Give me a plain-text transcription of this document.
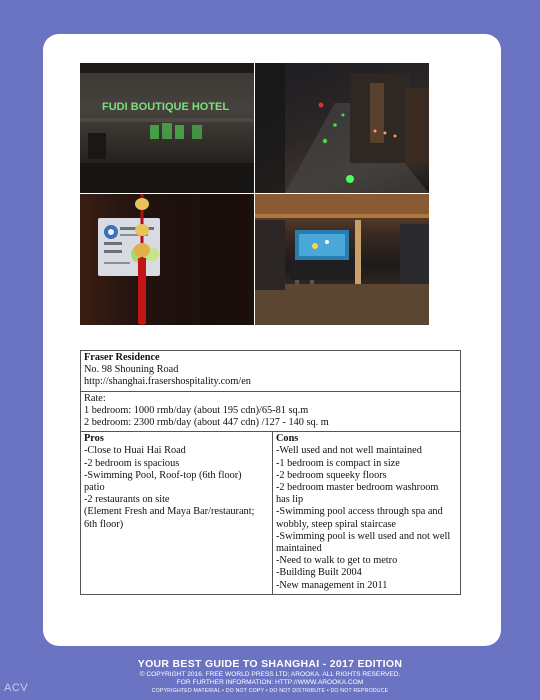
FUDI BOUTIQUE HOTEL
Fraser Residence
No. 98 Shouning Road
http://shanghai.frasershospitality.com/en

Rate:
1 bedroom: 1000 rmb/day (about 195 cdn)/65-81 sq.m
2 bedroom: 2300 rmb/day (about 447 cdn) /127 - 140 sq. m

Pros
-Close to Huai Hai Road
-2 bedroom is spacious
-Swimming Pool, Roof-top (6th floor)
patio
-2 restaurants on site
(Element Fresh and Maya Bar/restaurant;
6th floor)

Cons
-Well used and not well maintained
-1 bedroom is compact in size
-2 bedroom squeeky floors
-2 bedroom master bedroom washroom
has lip
-Swimming pool access through spa and
wobbly, steep spiral staircase
-Swimming pool is well used and not well
maintained
-Need to walk to get to metro
-Building Built 2004
-New management in 2011
YOUR BEST GUIDE TO SHANGHAI - 2017 EDITION
© COPYRIGHT 2016. FREE WORLD PRESS LTD; AROOKA. ALL RIGHTS RESERVED.
FOR FURTHER INFORMATION: HTTP://WWW.AROOKA.COM
COPYRIGHTED MATERIAL • DO NOT COPY • DO NOT DISTRIBUTE • DO NOT REPRODUCE
ACV
